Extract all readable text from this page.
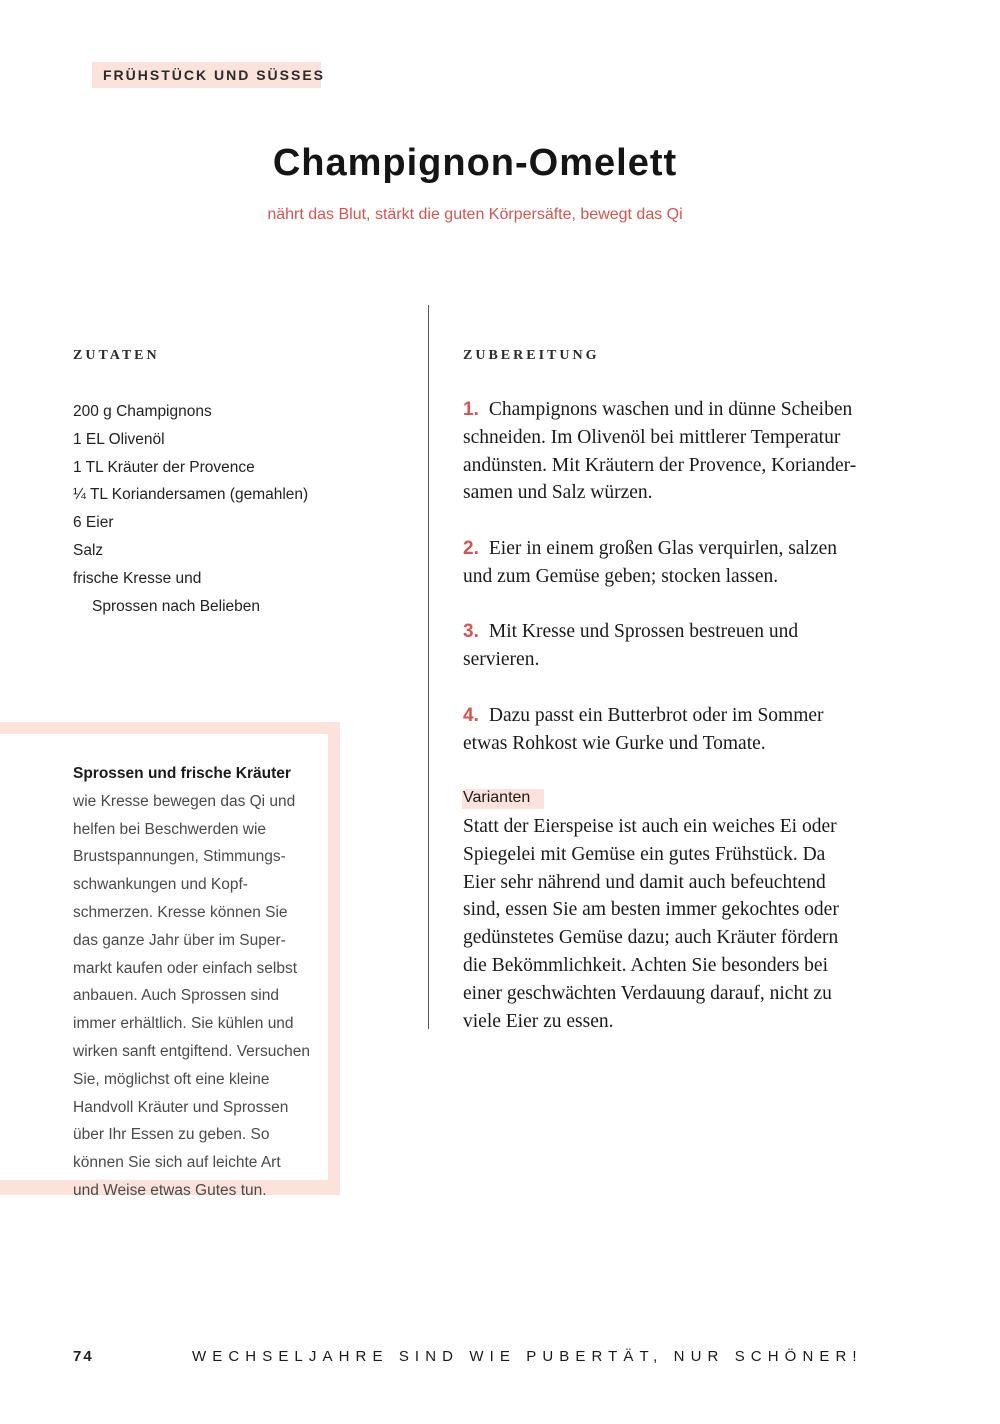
FRÜHSTÜCK UND SÜSSES
Champignon-Omelett
nährt das Blut, stärkt die guten Körpersäfte, bewegt das Qi
ZUTATEN
200 g Champignons
1 EL Olivenöl
1 TL Kräuter der Provence
¼ TL Koriandersamen (gemahlen)
6 Eier
Salz
frische Kresse und
Sprossen nach Belieben
Sprossen und frische Kräuter
wie Kresse bewegen das Qi und
helfen bei Beschwerden wie
Brustspannungen, Stimmungs-
schwankungen und Kopf-
schmerzen. Kresse können Sie
das ganze Jahr über im Super-
markt kaufen oder einfach selbst
anbauen. Auch Sprossen sind
immer erhältlich. Sie kühlen und
wirken sanft entgiftend. Versuchen
Sie, möglichst oft eine kleine
Handvoll Kräuter und Sprossen
über Ihr Essen zu geben. So
können Sie sich auf leichte Art
und Weise etwas Gutes tun.
ZUBEREITUNG
1. Champignons waschen und in dünne Scheiben
schneiden. Im Olivenöl bei mittlerer Temperatur
andünsten. Mit Kräutern der Provence, Koriander-
samen und Salz würzen.
2. Eier in einem großen Glas verquirlen, salzen
und zum Gemüse geben; stocken lassen.
3. Mit Kresse und Sprossen bestreuen und
servieren.
4. Dazu passt ein Butterbrot oder im Sommer
etwas Rohkost wie Gurke und Tomate.
Varianten
Statt der Eierspeise ist auch ein weiches Ei oder
Spiegelei mit Gemüse ein gutes Frühstück. Da
Eier sehr nährend und damit auch befeuchtend
sind, essen Sie am besten immer gekochtes oder
gedünstetes Gemüse dazu; auch Kräuter fördern
die Bekömmlichkeit. Achten Sie besonders bei
einer geschwächten Verdauung darauf, nicht zu
viele Eier zu essen.
74	WECHSELJAHRE SIND WIE PUBERTÄT, NUR SCHÖNER!
